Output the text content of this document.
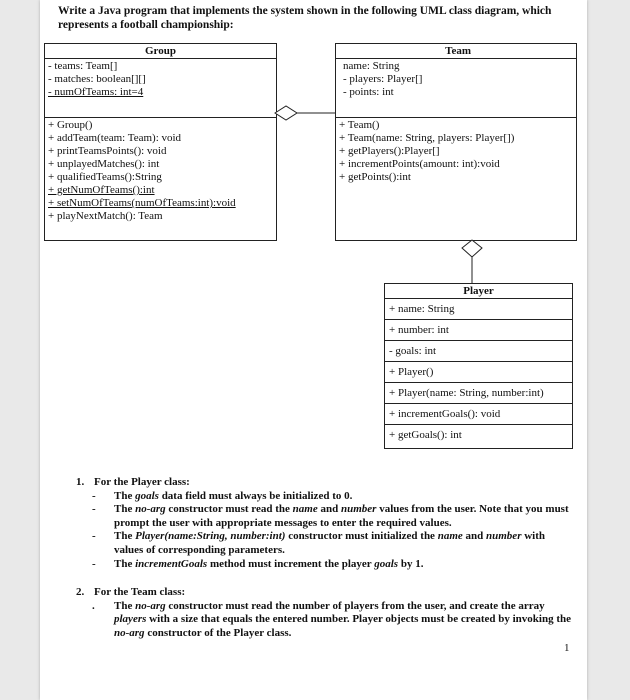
Write a Java program that implements the system shown in the following UML class diagram, which represents a football championship:
Group
- teams: Team[]
- matches: boolean[][]
- numOfTeams: int=4
+ Group()
+ addTeam(team: Team): void
+ printTeamsPoints(): void
+ unplayedMatches(): int
+ qualifiedTeams():String
+ getNumOfTeams():int
+ setNumOfTeams(numOfTeams:int):void
+ playNextMatch(): Team
Team
name: String
- players: Player[]
- points: int
+ Team()
+ Team(name: String, players: Player[])
+ getPlayers():Player[]
+ incrementPoints(amount: int):void
+ getPoints():int
Player
+ name: String
+ number: int
- goals: int
+ Player()
+ Player(name: String, number:int)
+ incrementGoals(): void
+ getGoals(): int
1. For the Player class:
- The goals data field must always be initialized to 0.
- The no-arg constructor must read the name and number values from the user. Note that you must prompt the user with appropriate messages to enter the required values.
- The Player(name:String, number:int) constructor must initialized the name and number with values of corresponding parameters.
- The incrementGoals method must increment the player goals by 1.
2. For the Team class:
. The no-arg constructor must read the number of players from the user, and create the array players with a size that equals the entered number. Player objects must be created by invoking the no-arg constructor of the Player class.
1
